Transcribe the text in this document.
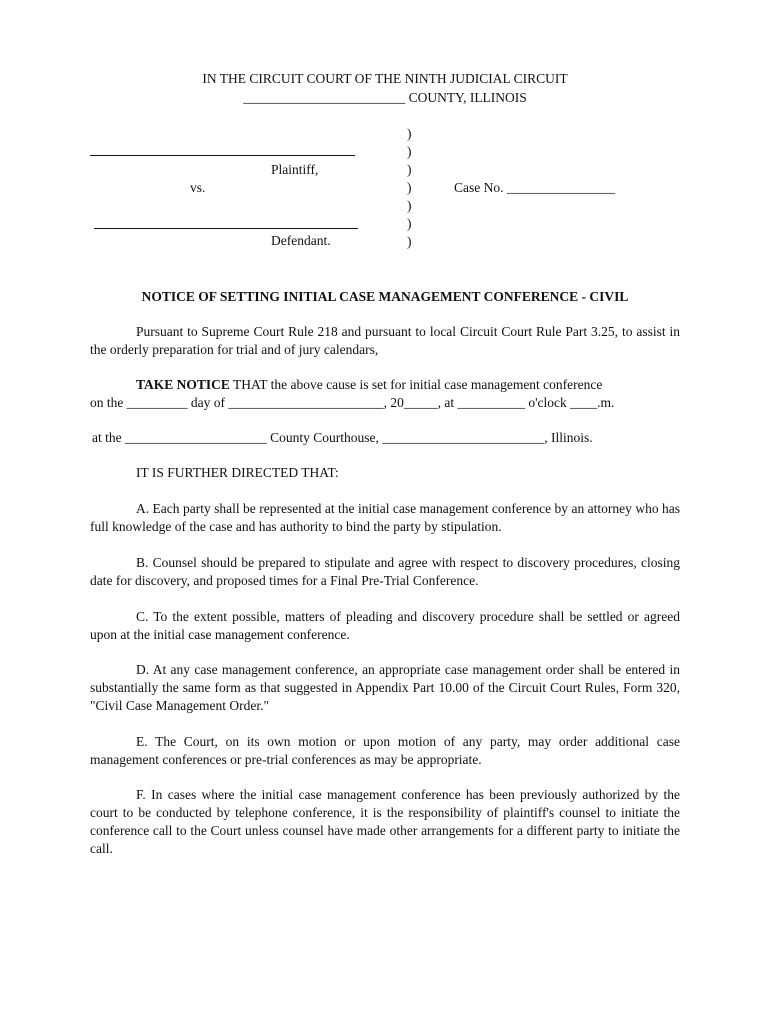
IN THE CIRCUIT COURT OF THE NINTH JUDICIAL CIRCUIT
________________________ COUNTY, ILLINOIS
Plaintiff,
vs.
Defendant.
)
)
)
)
)
)
)
Case No. ________________
NOTICE OF SETTING INITIAL CASE MANAGEMENT CONFERENCE - CIVIL
Pursuant to Supreme Court Rule 218 and pursuant to local Circuit Court Rule Part 3.25, to assist in the orderly preparation for trial and of jury calendars,
TAKE NOTICE THAT the above cause is set for initial case management conference
on the _________ day of _______________________, 20_____, at __________ o'clock ____.m.
at the _____________________ County Courthouse, ________________________, Illinois.
IT IS FURTHER DIRECTED THAT:
A. Each party shall be represented at the initial case management conference by an attorney who has full knowledge of the case and has authority to bind the party by stipulation.
B. Counsel should be prepared to stipulate and agree with respect to discovery procedures, closing date for discovery, and proposed times for a Final Pre-Trial Conference.
C. To the extent possible, matters of pleading and discovery procedure shall be settled or agreed upon at the initial case management conference.
D. At any case management conference, an appropriate case management order shall be entered in substantially the same form as that suggested in Appendix Part 10.00 of the Circuit Court Rules, Form 320, "Civil Case Management Order."
E. The Court, on its own motion or upon motion of any party, may order additional case management conferences or pre-trial conferences as may be appropriate.
F. In cases where the initial case management conference has been previously authorized by the court to be conducted by telephone conference, it is the responsibility of plaintiff's counsel to initiate the conference call to the Court unless counsel have made other arrangements for a different party to initiate the call.
